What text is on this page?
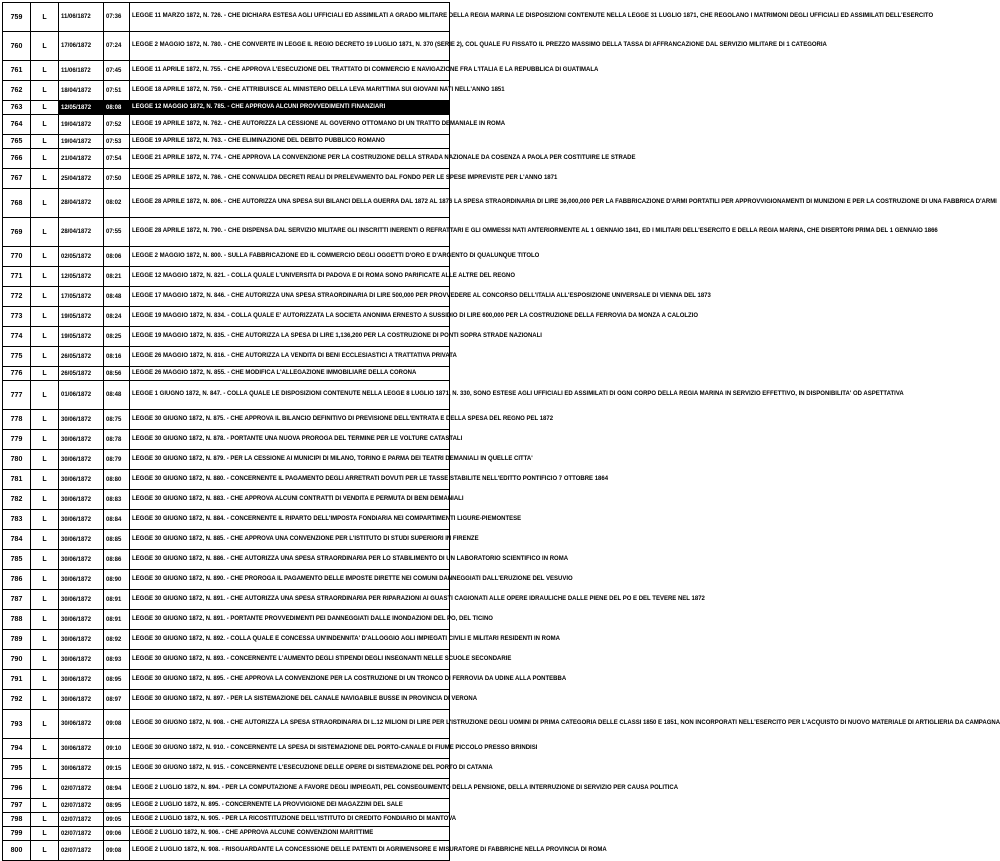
759	L	11/06/1872	07:36	LEGGE 11 MARZO 1872, N. 726. - CHE DICHIARA ESTESA AGLI UFFICIALI ED ASSIMILATI A GRADO MILITARE DELLA REGIA MARINA LE DISPOSIZIONI CONTENUTE NELLA LEGGE 31 LUGLIO 1871, CHE REGOLANO I MATRIMONI DEGLI UFFICIALI ED ASSIMILATI DELL'ESERCITO

760	L	17/06/1872	07:24	LEGGE 2 MAGGIO 1872, N. 780. - CHE CONVERTE IN LEGGE IL REGIO DECRETO 19 LUGLIO 1871, N. 370 (SERIE 2), COL QUALE FU FISSATO IL PREZZO MASSIMO DELLA TASSA DI AFFRANCAZIONE DAL SERVIZIO MILITARE DI 1 CATEGORIA

761	L	11/06/1872	07:45	LEGGE 11 APRILE 1872, N. 755. - CHE APPROVA L'ESECUZIONE DEL TRATTATO DI COMMERCIO E NAVIGAZIONE FRA L'ITALIA E LA REPUBBLICA DI GUATIMALA

762	L	18/04/1872	07:51	LEGGE 18 APRILE 1872, N. 759. - CHE ATTRIBUISCE AL MINISTERO DELLA LEVA MARITTIMA SUI GIOVANI NATI NELL'ANNO 1851

763	L	12/05/1872	08:08	LEGGE 12 MAGGIO 1872, N. 785. - CHE APPROVA ALCUNI PROVVEDIMENTI FINANZIARI

764	L	19/04/1872	07:52	LEGGE 19 APRILE 1872, N. 762. - CHE AUTORIZZA LA CESSIONE AL GOVERNO OTTOMANO DI UN TRATTO DEMANIALE IN ROMA

765	L	19/04/1872	07:53	LEGGE 19 APRILE 1872, N. 763. - CHE ELIMINAZIONE DEL DEBITO PUBBLICO ROMANO

766	L	21/04/1872	07:54	LEGGE 21 APRILE 1872, N. 774. - CHE APPROVA LA CONVENZIONE PER LA COSTRUZIONE DELLA STRADA NAZIONALE DA COSENZA A PAOLA PER COSTITUIRE LE STRADE

767	L	25/04/1872	07:50	LEGGE 25 APRILE 1872, N. 786. - CHE CONVALIDA DECRETI REALI DI PRELEVAMENTO DAL FONDO PER LE SPESE IMPREVISTE PER L'ANNO 1871

768	L	28/04/1872	08:02	LEGGE 28 APRILE 1872, N. 806. - CHE AUTORIZZA UNA SPESA SUI BILANCI DELLA GUERRA DAL 1872 AL 1876 LA SPESA STRAORDINARIA DI LIRE 36,000,000 PER LA FABBRICAZIONE D'ARMI PORTATILI PER APPROVVIGIONAMENTI DI MUNIZIONI E PER LA COSTRUZIONE DI UNA FABBRICA D'ARMI

769	L	28/04/1872	07:55	LEGGE 28 APRILE 1872, N. 790. - CHE DISPENSA DAL SERVIZIO MILITARE GLI INSCRITTI INERENTI O REFRATTARI E GLI OMMESSI NATI ANTERIORMENTE AL 1 GENNAIO 1841, ED I MILITARI DELL'ESERCITO E DELLA REGIA MARINA, CHE DISERTORI PRIMA DEL 1 GENNAIO 1866

770	L	02/05/1872	08:06	LEGGE 2 MAGGIO 1872, N. 800. - SULLA FABBRICAZIONE ED IL COMMERCIO DEGLI OGGETTI D'ORO E D'ARGENTO DI QUALUNQUE TITOLO

771	L	12/05/1872	08:21	LEGGE 12 MAGGIO 1872, N. 821. - COLLA QUALE L'UNIVERSITA DI PADOVA E DI ROMA SONO PARIFICATE ALLE ALTRE DEL REGNO

772	L	17/05/1872	08:48	LEGGE 17 MAGGIO 1872, N. 846. - CHE AUTORIZZA UNA SPESA STRAORDINARIA DI LIRE 500,000 PER PROVVEDERE AL CONCORSO DELL'ITALIA ALL'ESPOSIZIONE UNIVERSALE DI VIENNA DEL 1873

773	L	19/05/1872	08:24	LEGGE 19 MAGGIO 1872, N. 834. - COLLA QUALE E' AUTORIZZATA LA SOCIETA ANONIMA ERNESTO A SUSSIDIO DI LIRE 600,000 PER LA COSTRUZIONE DELLA FERROVIA DA MONZA A CALOLZIO

774	L	19/05/1872	08:25	LEGGE 19 MAGGIO 1872, N. 835. - CHE AUTORIZZA LA SPESA DI LIRE 1,136,200 PER LA COSTRUZIONE DI PONTI SOPRA STRADE NAZIONALI

775	L	26/05/1872	08:16	LEGGE 26 MAGGIO 1872, N. 816. - CHE AUTORIZZA LA VENDITA DI BENI ECCLESIASTICI A TRATTATIVA PRIVATA

776	L	26/05/1872	08:56	LEGGE 26 MAGGIO 1872, N. 855. - CHE MODIFICA L'ALLEGAZIONE IMMOBILIARE DELLA CORONA

777	L	01/06/1872	08:48	LEGGE 1 GIUGNO 1872, N. 847. - COLLA QUALE LE DISPOSIZIONI CONTENUTE NELLA LEGGE 8 LUGLIO 1871, N. 330, SONO ESTESE AGLI UFFICIALI ED ASSIMILATI DI OGNI CORPO DELLA REGIA MARINA IN SERVIZIO EFFETTIVO, IN DISPONIBILITA' OD ASPETTATIVA

778	L	30/06/1872	08:75	LEGGE 30 GIUGNO 1872, N. 875. - CHE APPROVA IL BILANCIO DEFINITIVO DI PREVISIONE DELL'ENTRATA E DELLA SPESA DEL REGNO PEL 1872

779	L	30/06/1872	08:78	LEGGE 30 GIUGNO 1872, N. 878. - PORTANTE UNA NUOVA PROROGA DEL TERMINE PER LE VOLTURE CATASTALI

780	L	30/06/1872	08:79	LEGGE 30 GIUGNO 1872, N. 879. - PER LA CESSIONE AI MUNICIPI DI MILANO, TORINO E PARMA DEI TEATRI DEMANIALI IN QUELLE CITTA'

781	L	30/06/1872	08:80	LEGGE 30 GIUGNO 1872, N. 880. - CONCERNENTE IL PAGAMENTO DEGLI ARRETRATI DOVUTI PER LE TASSE STABILITE NELL'EDITTO PONTIFICIO 7 OTTOBRE 1864

782	L	30/06/1872	08:83	LEGGE 30 GIUGNO 1872, N. 883. - CHE APPROVA ALCUNI CONTRATTI DI VENDITA E PERMUTA DI BENI DEMANIALI

783	L	30/06/1872	08:84	LEGGE 30 GIUGNO 1872, N. 884. - CONCERNENTE IL RIPARTO DELL'IMPOSTA FONDIARIA NEI COMPARTIMENTI LIGURE-PIEMONTESE

784	L	30/06/1872	08:85	LEGGE 30 GIUGNO 1872, N. 885. - CHE APPROVA UNA CONVENZIONE PER L'ISTITUTO DI STUDI SUPERIORI IN FIRENZE

785	L	30/06/1872	08:86	LEGGE 30 GIUGNO 1872, N. 886. - CHE AUTORIZZA UNA SPESA STRAORDINARIA PER LO STABILIMENTO DI UN LABORATORIO SCIENTIFICO IN ROMA

786	L	30/06/1872	08:90	LEGGE 30 GIUGNO 1872, N. 890. - CHE PROROGA IL PAGAMENTO DELLE IMPOSTE DIRETTE NEI COMUNI DANNEGGIATI DALL'ERUZIONE DEL VESUVIO

787	L	30/06/1872	08:91	LEGGE 30 GIUGNO 1872, N. 891. - CHE AUTORIZZA UNA SPESA STRAORDINARIA PER RIPARAZIONI AI GUASTI CAGIONATI ALLE OPERE IDRAULICHE DALLE PIENE DEL PO E DEL TEVERE NEL 1872

788	L	30/06/1872	08:91	LEGGE 30 GIUGNO 1872, N. 891. - PORTANTE PROVVEDIMENTI PEI DANNEGGIATI DALLE INONDAZIONI DEL PO, DEL TICINO

789	L	30/06/1872	08:92	LEGGE 30 GIUGNO 1872, N. 892. - COLLA QUALE E CONCESSA UN'INDENNITA' D'ALLOGGIO AGLI IMPIEGATI CIVILI E MILITARI RESIDENTI IN ROMA

790	L	30/06/1872	08:93	LEGGE 30 GIUGNO 1872, N. 893. - CONCERNENTE L'AUMENTO DEGLI STIPENDI DEGLI INSEGNANTI NELLE SCUOLE SECONDARIE

791	L	30/06/1872	08:95	LEGGE 30 GIUGNO 1872, N. 895. - CHE APPROVA LA CONVENZIONE PER LA COSTRUZIONE DI UN TRONCO DI FERROVIA DA UDINE ALLA PONTEBBA

792	L	30/06/1872	08:97	LEGGE 30 GIUGNO 1872, N. 897. - PER LA SISTEMAZIONE DEL CANALE NAVIGABILE BUSSE IN PROVINCIA DI VERONA

793	L	30/06/1872	09:08	LEGGE 30 GIUGNO 1872, N. 908. - CHE AUTORIZZA LA SPESA STRAORDINARIA DI L.12 MILIONI DI LIRE PER L'ISTRUZIONE DEGLI UOMINI DI PRIMA CATEGORIA DELLE CLASSI 1850 E 1851, NON INCORPORATI NELL'ESERCITO PER L'ACQUISTO DI NUOVO MATERIALE DI ARTIGLIERIA DA CAMPAGNA

794	L	30/06/1872	09:10	LEGGE 30 GIUGNO 1872, N. 910. - CONCERNENTE LA SPESA DI SISTEMAZIONE DEL PORTO-CANALE DI FIUME PICCOLO PRESSO BRINDISI

795	L	30/06/1872	09:15	LEGGE 30 GIUGNO 1872, N. 915. - CONCERNENTE L'ESECUZIONE DELLE OPERE DI SISTEMAZIONE DEL PORTO DI CATANIA

796	L	02/07/1872	08:94	LEGGE 2 LUGLIO 1872, N. 894. - PER LA COMPUTAZIONE A FAVORE DEGLI IMPIEGATI, PEL CONSEGUIMENTO DELLA PENSIONE, DELLA INTERRUZIONE DI SERVIZIO PER CAUSA POLITICA

797	L	02/07/1872	08:95	LEGGE 2 LUGLIO 1872, N. 895. - CONCERNENTE LA PROVVIGIONE DEI MAGAZZINI DEL SALE

798	L	02/07/1872	09:05	LEGGE 2 LUGLIO 1872, N. 905. - PER LA RICOSTITUZIONE DELL'ISTITUTO DI CREDITO FONDIARIO DI MANTOVA

799	L	02/07/1872	09:06	LEGGE 2 LUGLIO 1872, N. 906. - CHE APPROVA ALCUNE CONVENZIONI MARITTIME

800	L	02/07/1872	09:08	LEGGE 2 LUGLIO 1872, N. 908. - RISGUARDANTE LA CONCESSIONE DELLE PATENTI DI AGRIMENSORE E MISURATORE DI FABBRICHE NELLA PROVINCIA DI ROMA
